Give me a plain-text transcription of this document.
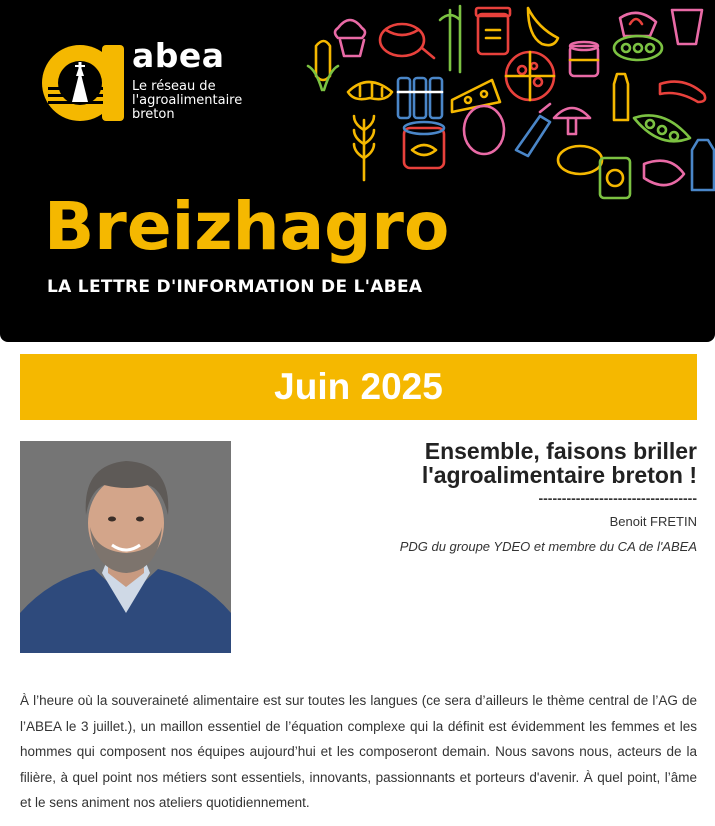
abea
Le réseau de l'agroalimentaire breton
Breizhagro
LA LETTRE D'INFORMATION DE L'ABEA
Juin 2025
Ensemble, faisons briller l'agroalimentaire breton !
----------------------------------
Benoit FRETIN
PDG du groupe YDEO et membre du CA de l'ABEA
À l’heure où la souveraineté alimentaire est sur toutes les langues (ce sera d’ailleurs le thème central de l’AG de l’ABEA le 3 juillet.), un maillon essentiel de l’équation complexe qui la définit est évidemment les femmes et les hommes qui composent nos équipes aujourd’hui et les composeront demain. Nous savons nous, acteurs de la filière, à quel point nos métiers sont essentiels, innovants, passionnants et porteurs d'avenir. À quel point, l’âme et le sens animent nos ateliers quotidiennement.
